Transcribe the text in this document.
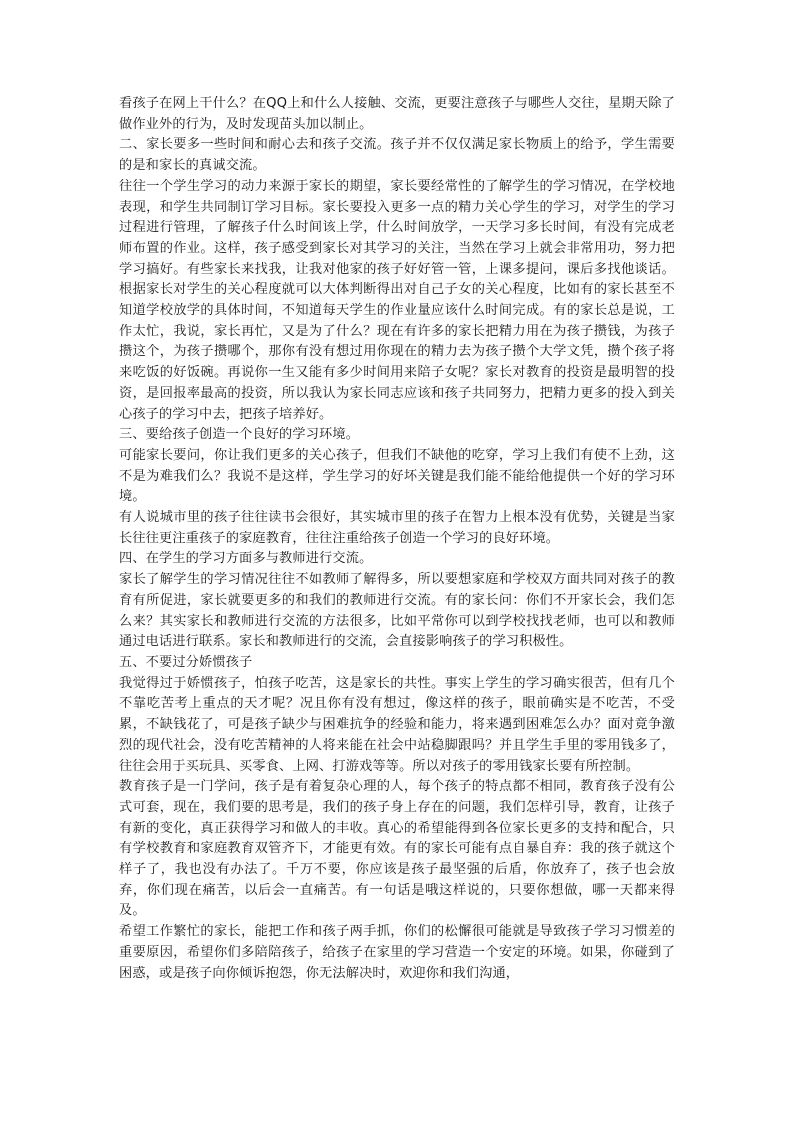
看孩子在网上干什么？在QQ上和什么人接触、交流，更要注意孩子与哪些人交往，星期天除了做作业外的行为，及时发现苗头加以制止。

二、家长要多一些时间和耐心去和孩子交流。孩子并不仅仅满足家长物质上的给予，学生需要的是和家长的真诚交流。

往往一个学生学习的动力来源于家长的期望，家长要经常性的了解学生的学习情况，在学校地表现，和学生共同制订学习目标。家长要投入更多一点的精力关心学生的学习，对学生的学习过程进行管理，了解孩子什么时间该上学，什么时间放学，一天学习多长时间，有没有完成老师布置的作业。这样，孩子感受到家长对其学习的关注，当然在学习上就会非常用功，努力把学习搞好。有些家长来找我，让我对他家的孩子好好管一管，上课多提问，课后多找他谈话。根据家长对学生的关心程度就可以大体判断得出对自己子女的关心程度，比如有的家长甚至不知道学校放学的具体时间，不知道每天学生的作业量应该什么时间完成。有的家长总是说，工作太忙，我说，家长再忙，又是为了什么？现在有许多的家长把精力用在为孩子攒钱，为孩子攒这个，为孩子攒哪个，那你有没有想过用你现在的精力去为孩子攒个大学文凭，攒个孩子将来吃饭的好饭碗。再说你一生又能有多少时间用来陪子女呢？家长对教育的投资是最明智的投资，是回报率最高的投资，所以我认为家长同志应该和孩子共同努力，把精力更多的投入到关心孩子的学习中去，把孩子培养好。

三、要给孩子创造一个良好的学习环境。

可能家长要问，你让我们更多的关心孩子，但我们不缺他的吃穿，学习上我们有使不上劲，这不是为难我们么？我说不是这样，学生学习的好坏关键是我们能不能给他提供一个好的学习环境。

有人说城市里的孩子往往读书会很好，其实城市里的孩子在智力上根本没有优势，关键是当家长往往更注重孩子的家庭教育，往往注重给孩子创造一个学习的良好环境。

四、在学生的学习方面多与教师进行交流。

家长了解学生的学习情况往往不如教师了解得多，所以要想家庭和学校双方面共同对孩子的教育有所促进，家长就要更多的和我们的教师进行交流。有的家长问：你们不开家长会，我们怎么来？其实家长和教师进行交流的方法很多，比如平常你可以到学校找找老师，也可以和教师通过电话进行联系。家长和教师进行的交流，会直接影响孩子的学习积极性。

五、不要过分娇惯孩子

我觉得过于娇惯孩子，怕孩子吃苦，这是家长的共性。事实上学生的学习确实很苦，但有几个不靠吃苦考上重点的天才呢？况且你有没有想过，像这样的孩子，眼前确实是不吃苦，不受累，不缺钱花了，可是孩子缺少与困难抗争的经验和能力，将来遇到困难怎么办？面对竟争激烈的现代社会，没有吃苦精神的人将来能在社会中站稳脚跟吗？并且学生手里的零用钱多了，往往会用于买玩具、买零食、上网、打游戏等等。所以对孩子的零用钱家长要有所控制。

教育孩子是一门学问，孩子是有着复杂心理的人，每个孩子的特点都不相同，教育孩子没有公式可套，现在，我们要的思考是，我们的孩子身上存在的问题，我们怎样引导，教育，让孩子有新的变化，真正获得学习和做人的丰收。真心的希望能得到各位家长更多的支持和配合，只有学校教育和家庭教育双管齐下，才能更有效。有的家长可能有点自暴自弃：我的孩子就这个样子了，我也没有办法了。千万不要，你应该是孩子最坚强的后盾，你放弃了，孩子也会放弃，你们现在痛苦，以后会一直痛苦。有一句话是哦这样说的，只要你想做，哪一天都来得及。

希望工作繁忙的家长，能把工作和孩子两手抓，你们的松懈很可能就是导致孩子学习习惯差的重要原因，希望你们多陪陪孩子，给孩子在家里的学习营造一个安定的环境。如果，你碰到了困惑，或是孩子向你倾诉抱怨，你无法解决时，欢迎你和我们沟通，
